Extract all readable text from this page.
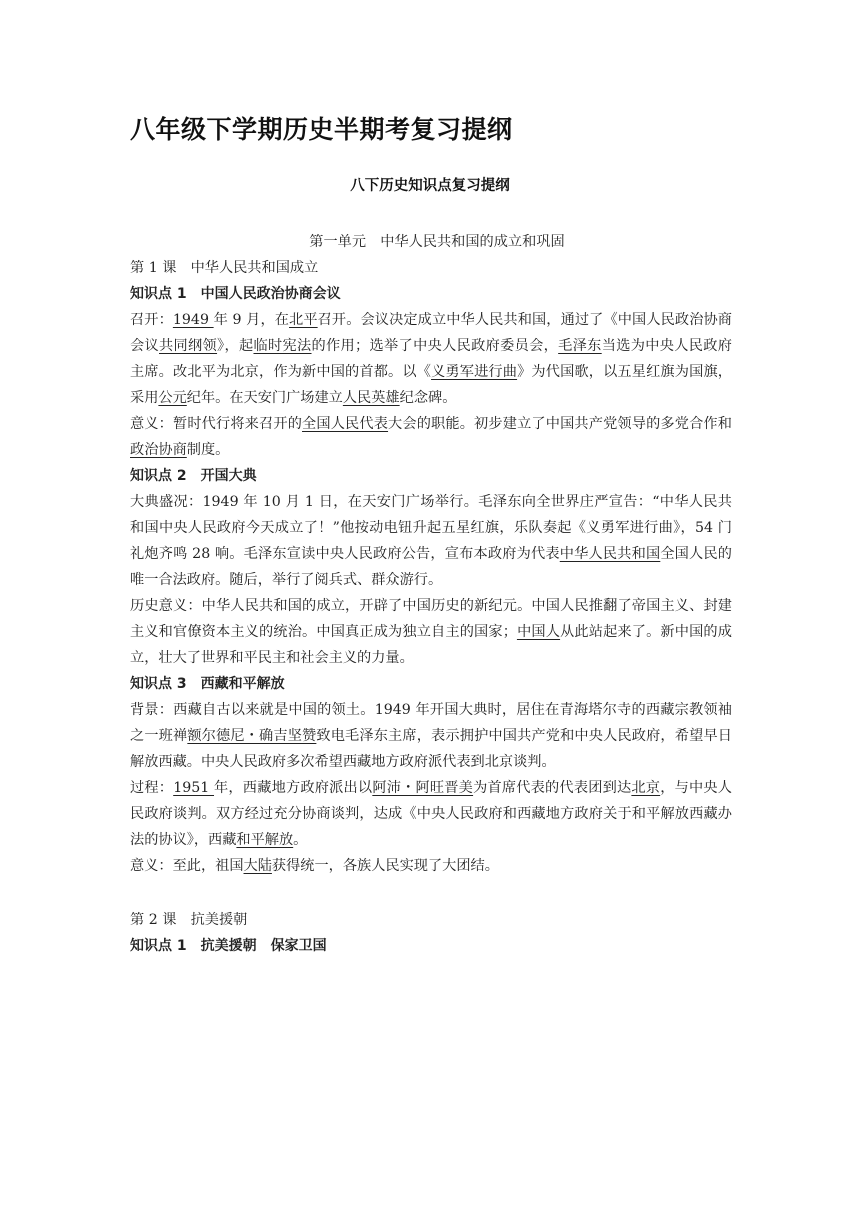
八年级下学期历史半期考复习提纲
八下历史知识点复习提纲
第一单元　中华人民共和国的成立和巩固
第 1 课　中华人民共和国成立
知识点 1　中国人民政治协商会议
召开：1949 年 9 月，在北平召开。会议决定成立中华人民共和国，通过了《中国人民政治协商会议共同纲领》，起临时宪法的作用；选举了中央人民政府委员会，毛泽东当选为中央人民政府主席。改北平为北京，作为新中国的首都。以《义勇军进行曲》为代国歌，以五星红旗为国旗，采用公元纪年。在天安门广场建立人民英雄纪念碑。
意义：暂时代行将来召开的全国人民代表大会的职能。初步建立了中国共产党领导的多党合作和政治协商制度。
知识点 2　开国大典
大典盛况：1949 年 10 月 1 日，在天安门广场举行。毛泽东向全世界庄严宣告：“中华人民共和国中央人民政府今天成立了！”他按动电钮升起五星红旗，乐队奏起《义勇军进行曲》，54 门礼炮齐鸣 28 响。毛泽东宣读中央人民政府公告，宣布本政府为代表中华人民共和国全国人民的唯一合法政府。随后，举行了阅兵式、群众游行。
历史意义：中华人民共和国的成立，开辟了中国历史的新纪元。中国人民推翻了帝国主义、封建主义和官僚资本主义的统治。中国真正成为独立自主的国家；中国人从此站起来了。新中国的成立，壮大了世界和平民主和社会主义的力量。
知识点 3　西藏和平解放
背景：西藏自古以来就是中国的领土。1949 年开国大典时，居住在青海塔尔寺的西藏宗教领袖之一班禅额尔德尼・确吉坚赞致电毛泽东主席，表示拥护中国共产党和中央人民政府，希望早日解放西藏。中央人民政府多次希望西藏地方政府派代表到北京谈判。
过程：1951 年，西藏地方政府派出以阿沛・阿旺晋美为首席代表的代表团到达北京，与中央人民政府谈判。双方经过充分协商谈判，达成《中央人民政府和西藏地方政府关于和平解放西藏办法的协议》，西藏和平解放。
意义：至此，祖国大陆获得统一，各族人民实现了大团结。
第 2 课　抗美援朝
知识点 1　抗美援朝　保家卫国
